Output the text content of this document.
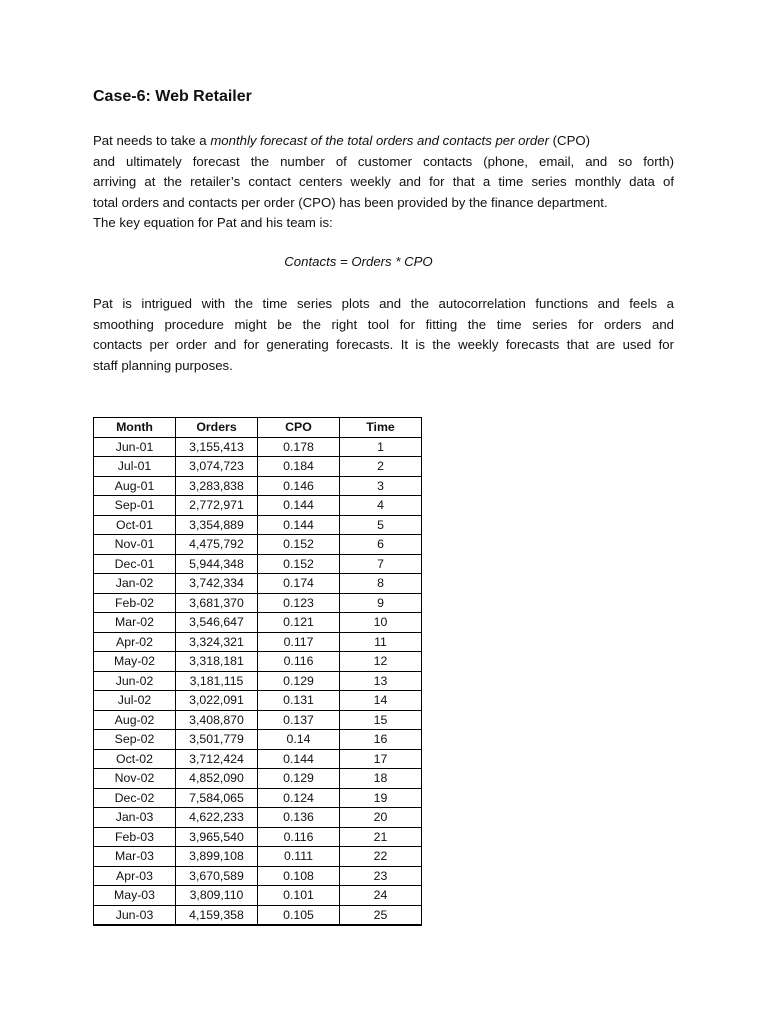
Case-6: Web Retailer
Pat needs to take a monthly forecast of the total orders and contacts per order (CPO)
and ultimately forecast the number of customer contacts (phone, email, and so forth)
arriving at the retailer’s contact centers weekly and for that a time series monthly data of
total orders and contacts per order (CPO) has been provided by the finance department.
The key equation for Pat and his team is:

Contacts = Orders * CPO

Pat is intrigued with the time series plots and the autocorrelation functions and feels a
smoothing procedure might be the right tool for fitting the time series for orders and
contacts per order and for generating forecasts. It is the weekly forecasts that are used for
staff planning purposes.
Month	Orders	CPO	Time
Jun-01	3,155,413	0.178	1
Jul-01	3,074,723	0.184	2
Aug-01	3,283,838	0.146	3
Sep-01	2,772,971	0.144	4
Oct-01	3,354,889	0.144	5
Nov-01	4,475,792	0.152	6
Dec-01	5,944,348	0.152	7
Jan-02	3,742,334	0.174	8
Feb-02	3,681,370	0.123	9
Mar-02	3,546,647	0.121	10
Apr-02	3,324,321	0.117	11
May-02	3,318,181	0.116	12
Jun-02	3,181,115	0.129	13
Jul-02	3,022,091	0.131	14
Aug-02	3,408,870	0.137	15
Sep-02	3,501,779	0.14	16
Oct-02	3,712,424	0.144	17
Nov-02	4,852,090	0.129	18
Dec-02	7,584,065	0.124	19
Jan-03	4,622,233	0.136	20
Feb-03	3,965,540	0.116	21
Mar-03	3,899,108	0.111	22
Apr-03	3,670,589	0.108	23
May-03	3,809,110	0.101	24
Jun-03	4,159,358	0.105	25
